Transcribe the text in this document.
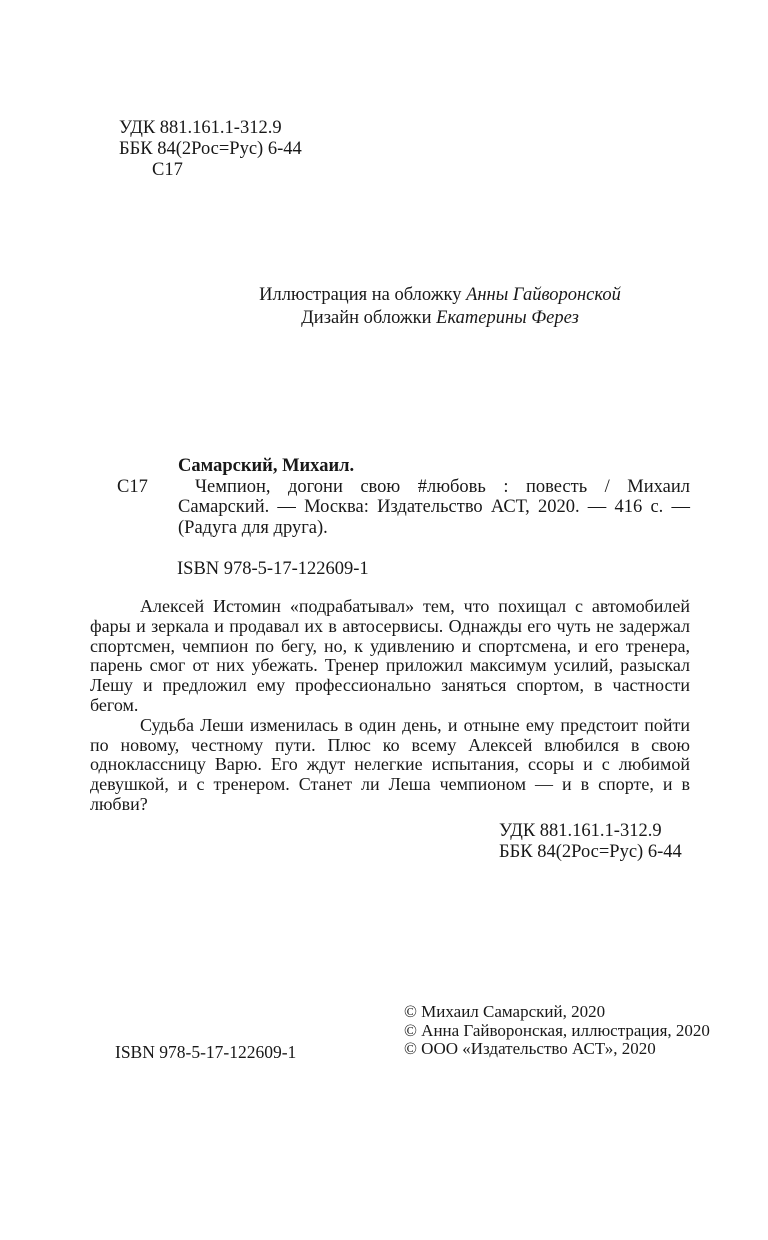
УДК 881.161.1-312.9
ББК 84(2Рос=Рус) 6-44
С17
Иллюстрация на обложку Анны Гайворонской
Дизайн обложки Екатерины Ферез
Самарский, Михаил.
С17	Чемпион, догони свою #любовь : повесть / Михаил Самарский. — Москва: Издательство АСТ, 2020. — 416 с. — (Радуга для друга).
ISBN 978-5-17-122609-1

Алексей Истомин «подрабатывал» тем, что похищал с автомобилей фары и зеркала и продавал их в автосервисы. Однажды его чуть не задержал спортсмен, чемпион по бегу, но, к удивлению и спортсмена, и его тренера, парень смог от них убежать. Тренер приложил максимум усилий, разыскал Лешу и предложил ему профессионально заняться спортом, в частности бегом.

Судьба Леши изменилась в один день, и отныне ему предстоит пойти по новому, честному пути. Плюс ко всему Алексей влюбился в свою одноклассницу Варю. Его ждут нелегкие испытания, ссоры и с любимой девушкой, и с тренером. Станет ли Леша чемпионом — и в спорте, и в любви?

УДК 881.161.1-312.9
ББК 84(2Рос=Рус) 6-44
© Михаил Самарский, 2020
© Анна Гайворонская, иллюстрация, 2020
© ООО «Издательство АСТ», 2020
ISBN 978-5-17-122609-1
